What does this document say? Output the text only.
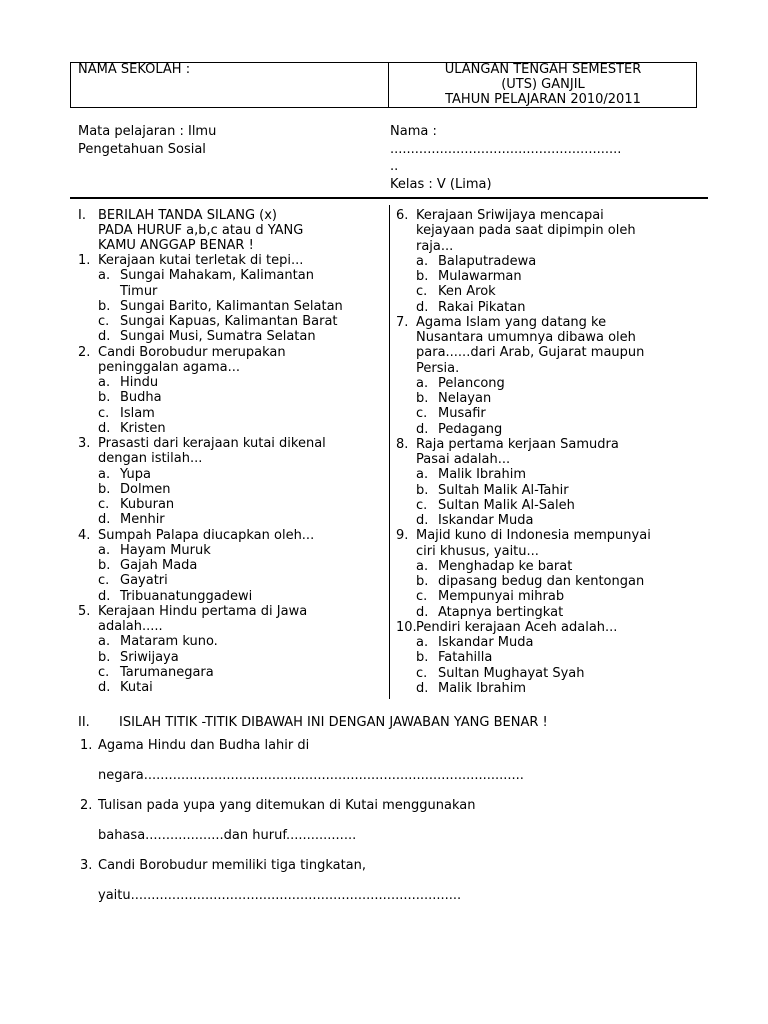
NAMA SEKOLAH :	ULANGAN TENGAH SEMESTER
(UTS) GANJIL
TAHUN PELAJARAN 2010/2011
Mata pelajaran : Ilmu
Pengetahuan Sosial
Nama :
........................................................
..
Kelas : V (Lima)
I. BERILAH TANDA SILANG (x)
PADA HURUF a,b,c atau d YANG
KAMU ANGGAP BENAR !
1. Kerajaan kutai terletak di tepi...
a. Sungai Mahakam, Kalimantan
Timur
b. Sungai Barito, Kalimantan Selatan
c. Sungai Kapuas, Kalimantan Barat
d. Sungai Musi, Sumatra Selatan
2. Candi Borobudur merupakan
peninggalan agama...
a. Hindu
b. Budha
c. Islam
d. Kristen
3. Prasasti dari kerajaan kutai dikenal
dengan istilah...
a. Yupa
b. Dolmen
c. Kuburan
d. Menhir
4. Sumpah Palapa diucapkan oleh...
a. Hayam Muruk
b. Gajah Mada
c. Gayatri
d. Tribuanatunggadewi
5. Kerajaan Hindu pertama di Jawa
adalah.....
a. Mataram kuno.
b. Sriwijaya
c. Tarumanegara
d. Kutai
6. Kerajaan Sriwijaya mencapai
kejayaan pada saat dipimpin oleh
raja...
a. Balaputradewa
b. Mulawarman
c. Ken Arok
d. Rakai Pikatan
7. Agama Islam yang datang ke
Nusantara umumnya dibawa oleh
para......dari Arab, Gujarat maupun
Persia.
a. Pelancong
b. Nelayan
c. Musafir
d. Pedagang
8. Raja pertama kerjaan Samudra
Pasai adalah...
a. Malik Ibrahim
b. Sultah Malik Al-Tahir
c. Sultan Malik Al-Saleh
d. Iskandar Muda
9. Majid kuno di Indonesia mempunyai
ciri khusus, yaitu...
a. Menghadap ke barat
b. dipasang bedug dan kentongan
c. Mempunyai mihrab
d. Atapnya bertingkat
10. Pendiri kerajaan Aceh adalah...
a. Iskandar Muda
b. Fatahilla
c. Sultan Mughayat Syah
d. Malik Ibrahim
II. ISILAH TITIK -TITIK DIBAWAH INI DENGAN JAWABAN YANG BENAR !
1. Agama Hindu dan Budha lahir di
negara............................................................................................
2. Tulisan pada yupa yang ditemukan di Kutai menggunakan
bahasa...................dan huruf.................
3. Candi Borobudur memiliki tiga tingkatan,
yaitu................................................................................
